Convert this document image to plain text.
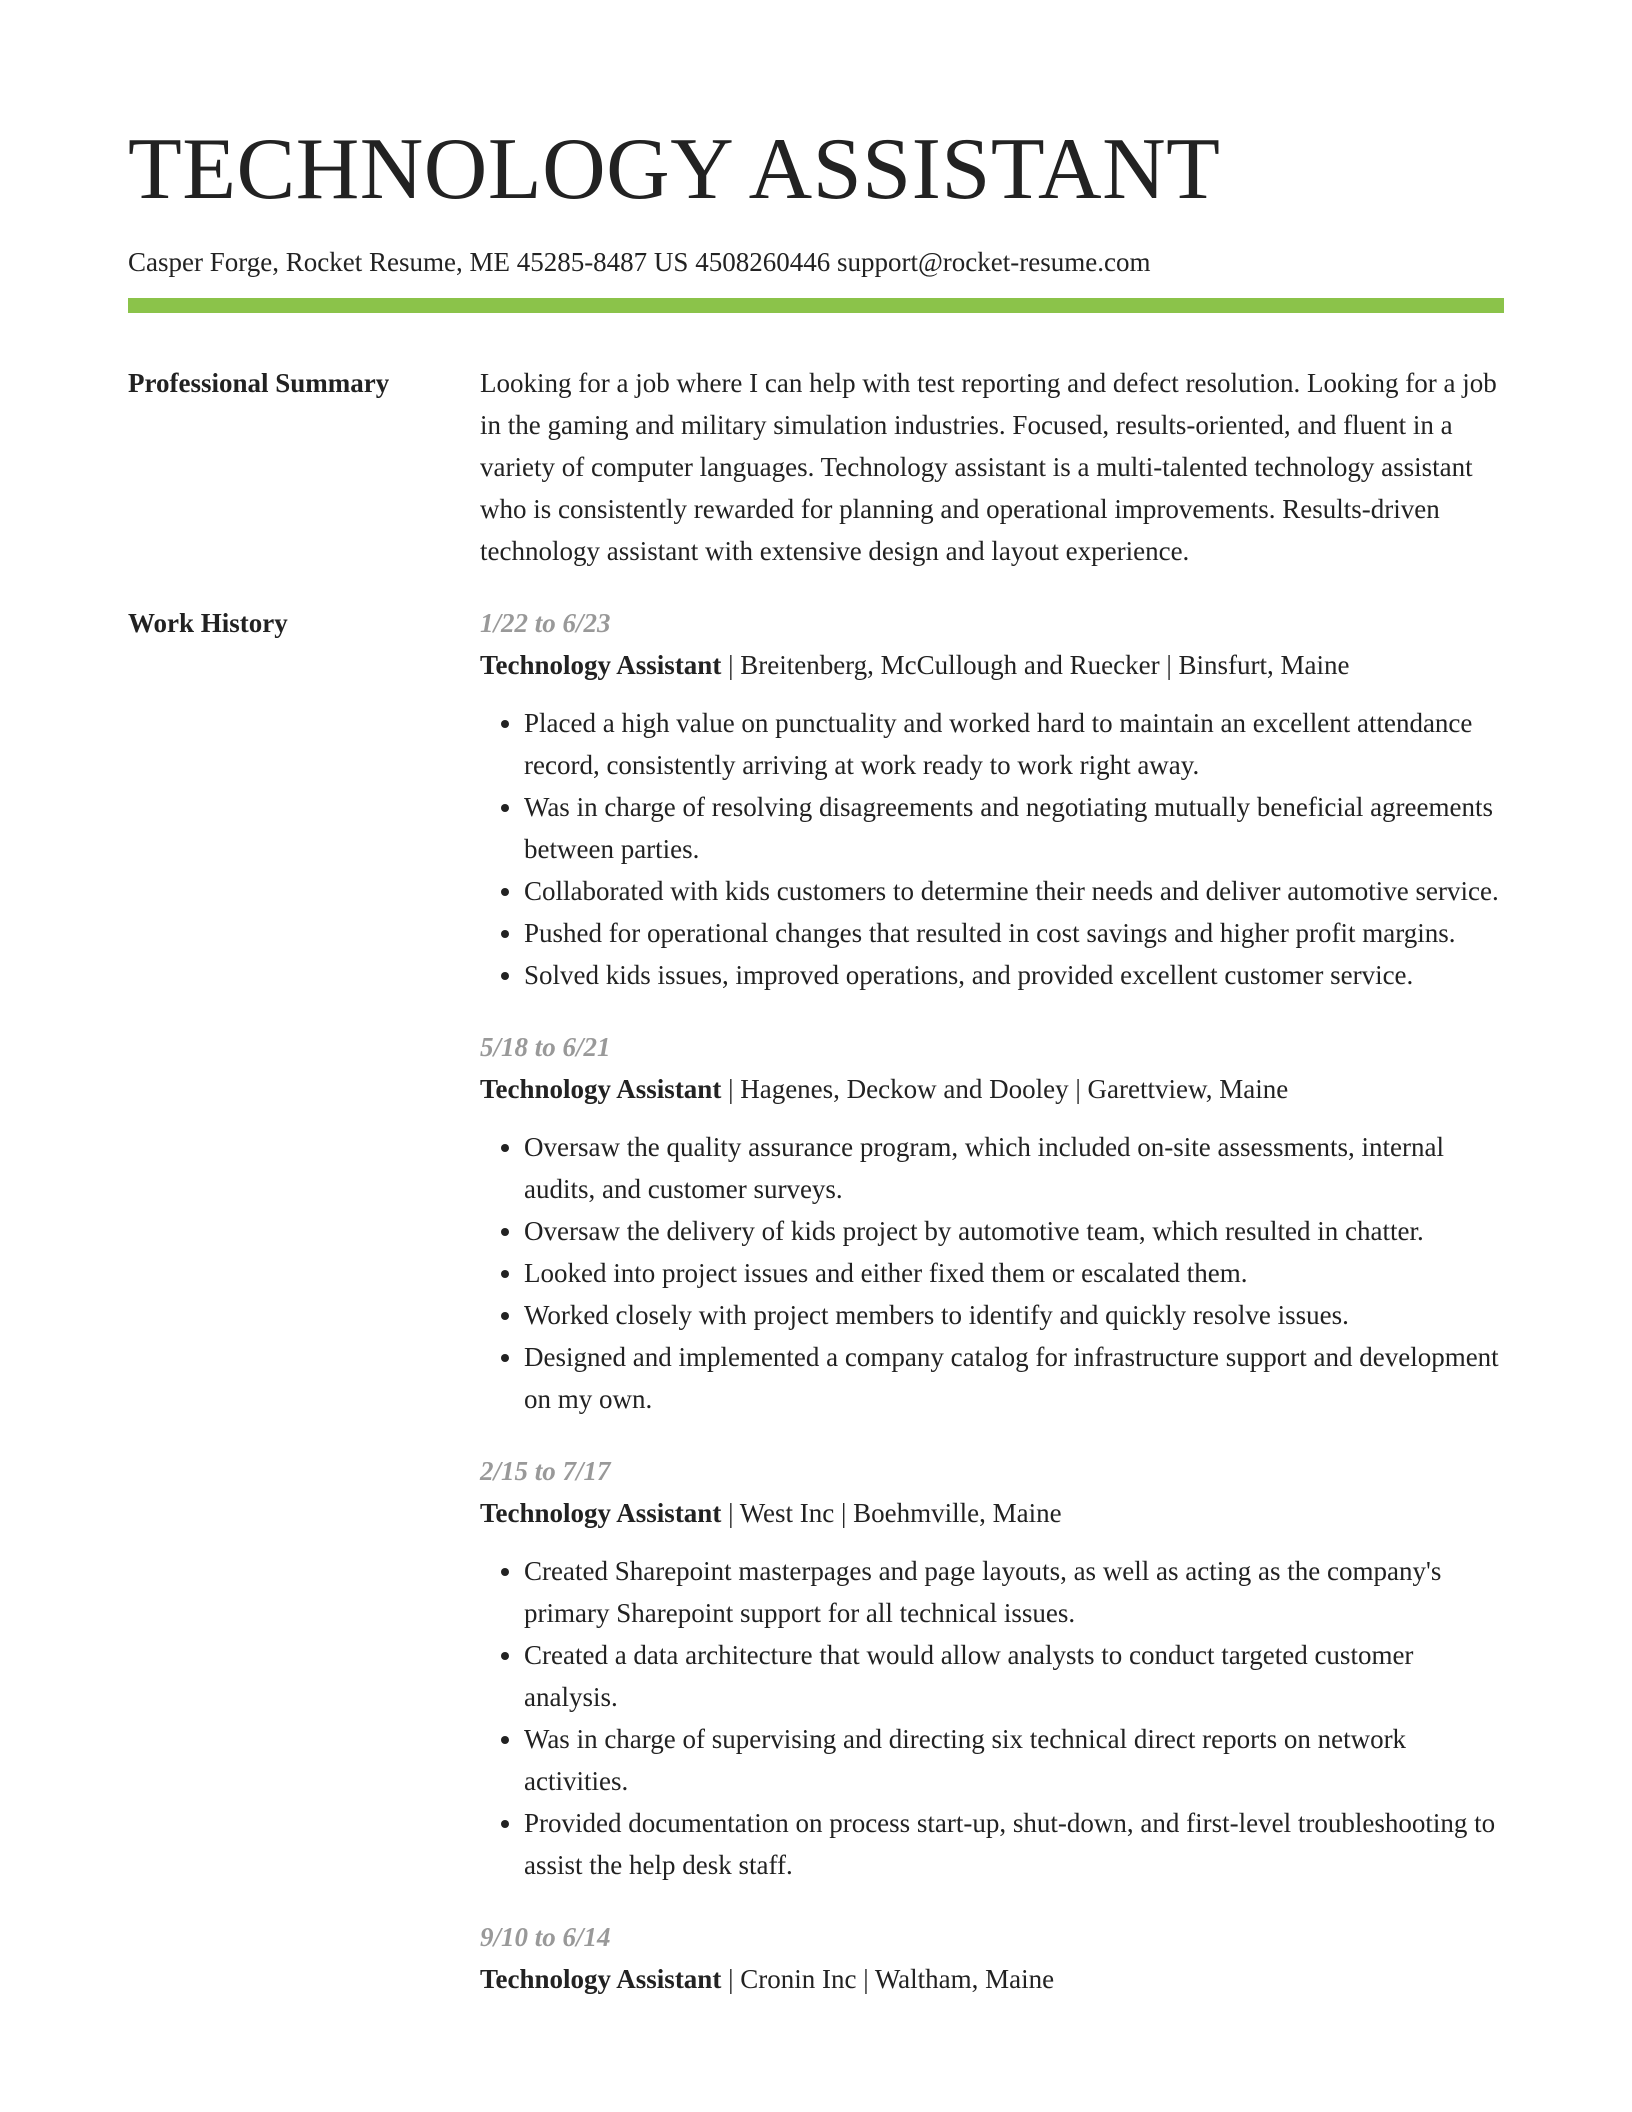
TECHNOLOGY ASSISTANT
Casper Forge, Rocket Resume, ME 45285-8487 US 4508260446 support@rocket-resume.com
Professional Summary	Looking for a job where I can help with test reporting and defect resolution. Looking for a job in the gaming and military simulation industries. Focused, results-oriented, and fluent in a variety of computer languages. Technology assistant is a multi-talented technology assistant who is consistently rewarded for planning and operational improvements. Results-driven technology assistant with extensive design and layout experience.
Work History	1/22 to 6/23
Technology Assistant | Breitenberg, McCullough and Ruecker | Binsfurt, Maine
• Placed a high value on punctuality and worked hard to maintain an excellent attendance record, consistently arriving at work ready to work right away.
• Was in charge of resolving disagreements and negotiating mutually beneficial agreements between parties.
• Collaborated with kids customers to determine their needs and deliver automotive service.
• Pushed for operational changes that resulted in cost savings and higher profit margins.
• Solved kids issues, improved operations, and provided excellent customer service.
5/18 to 6/21
Technology Assistant | Hagenes, Deckow and Dooley | Garettview, Maine
• Oversaw the quality assurance program, which included on-site assessments, internal audits, and customer surveys.
• Oversaw the delivery of kids project by automotive team, which resulted in chatter.
• Looked into project issues and either fixed them or escalated them.
• Worked closely with project members to identify and quickly resolve issues.
• Designed and implemented a company catalog for infrastructure support and development on my own.
2/15 to 7/17
Technology Assistant | West Inc | Boehmville, Maine
• Created Sharepoint masterpages and page layouts, as well as acting as the company's primary Sharepoint support for all technical issues.
• Created a data architecture that would allow analysts to conduct targeted customer analysis.
• Was in charge of supervising and directing six technical direct reports on network activities.
• Provided documentation on process start-up, shut-down, and first-level troubleshooting to assist the help desk staff.
9/10 to 6/14
Technology Assistant | Cronin Inc | Waltham, Maine
